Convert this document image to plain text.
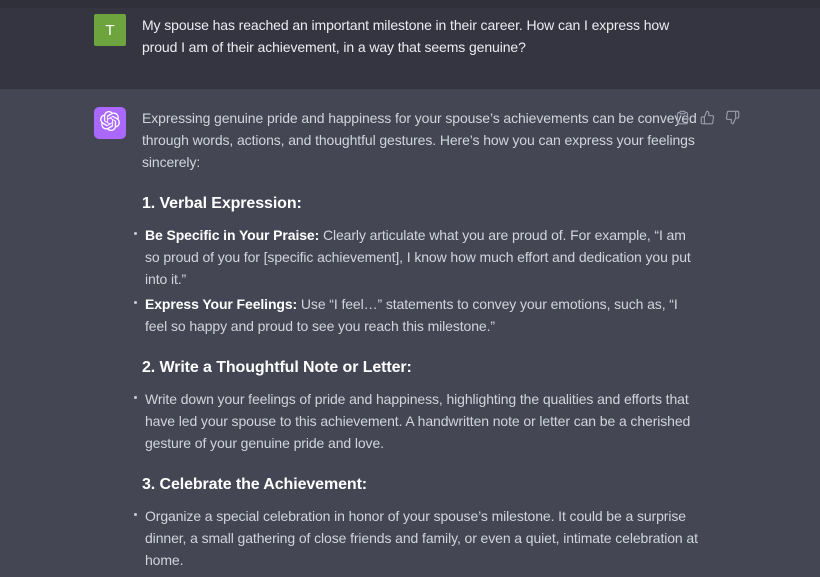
T My spouse has reached an important milestone in their career. How can I express how proud I am of their achievement, in a way that seems genuine?

Expressing genuine pride and happiness for your spouse’s achievements can be conveyed through words, actions, and thoughtful gestures. Here’s how you can express your feelings sincerely:

1. Verbal Expression:
Be Specific in Your Praise: Clearly articulate what you are proud of. For example, “I am so proud of you for [specific achievement], I know how much effort and dedication you put into it.”
Express Your Feelings: Use “I feel…” statements to convey your emotions, such as, “I feel so happy and proud to see you reach this milestone.”
2. Write a Thoughtful Note or Letter:
Write down your feelings of pride and happiness, highlighting the qualities and efforts that have led your spouse to this achievement. A handwritten note or letter can be a cherished gesture of your genuine pride and love.
3. Celebrate the Achievement:
Organize a special celebration in honor of your spouse’s milestone. It could be a surprise dinner, a small gathering of close friends and family, or even a quiet, intimate celebration at home.
